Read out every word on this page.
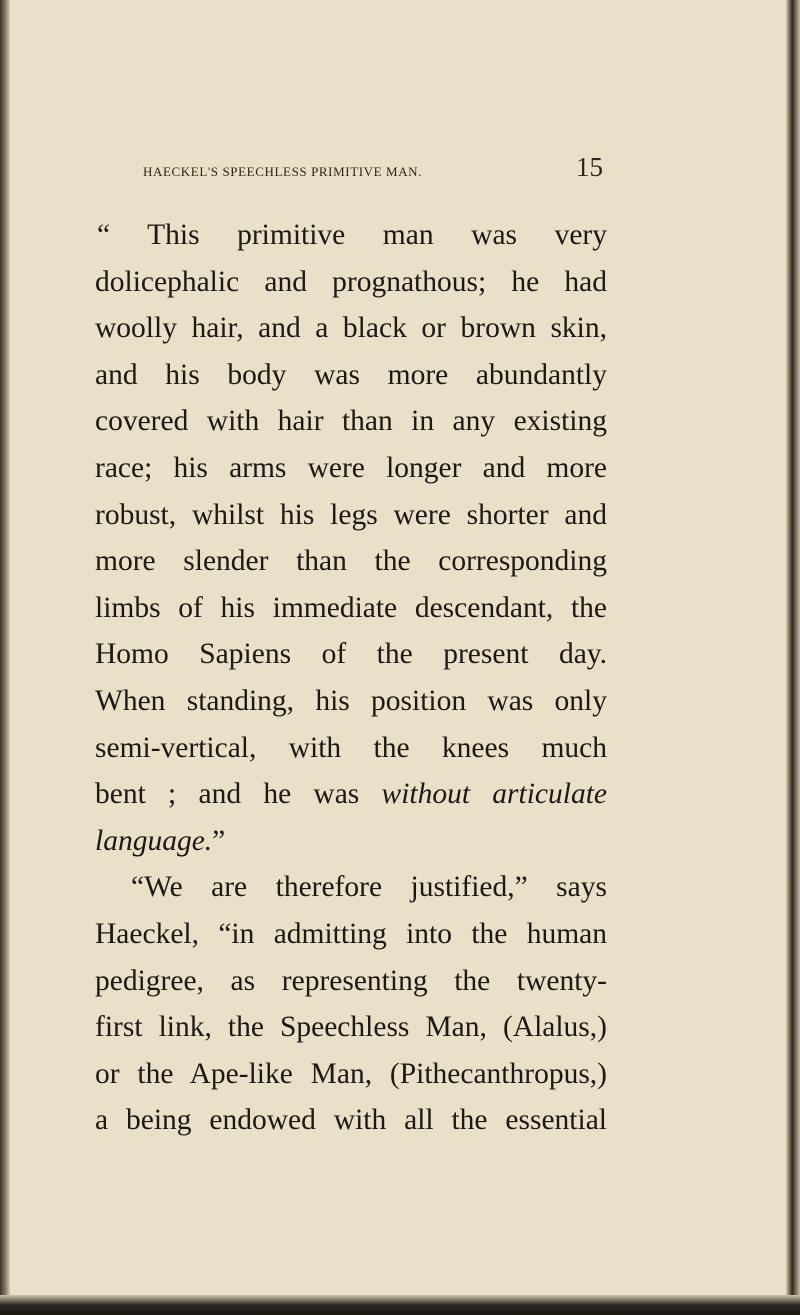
haeckel's speechless primitive man.	15
“ This primitive man was very
dolicephalic and prognathous; he had
woolly hair, and a black or brown skin,
and his body was more abundantly
covered with hair than in any existing
race; his arms were longer and more
robust, whilst his legs were shorter and
more slender than the corresponding
limbs of his immediate descendant, the
Homo Sapiens of the present day.
When standing, his position was only
semi-vertical, with the knees much
bent ; and he was without articulate
language.”
“We are therefore justified,” says
Haeckel, “in admitting into the human
pedigree, as representing the twenty-
first link, the Speechless Man, (Alalus,)
or the Ape-like Man, (Pithecanthropus,)
a being endowed with all the essential
